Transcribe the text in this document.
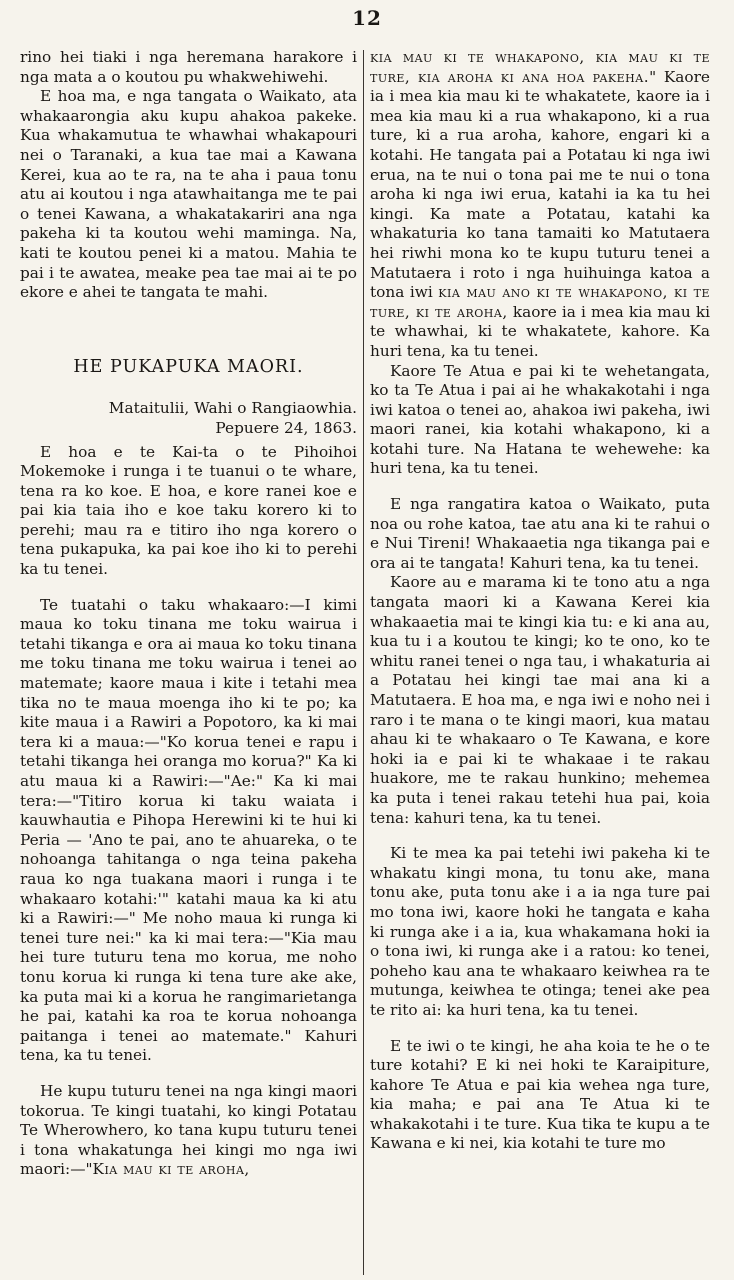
12

rino hei tiaki i nga heremana harakore i nga mata a o koutou pu whakwehiwehi.

E hoa ma, e nga tangata o Waikato, ata whakaarongia aku kupu ahakoa pakeke. Kua whakamutua te whawhai whakapouri nei o Taranaki, a kua tae mai a Kawana Kerei, kua ao te ra, na te aha i paua tonu atu ai koutou i nga atawhaitanga me te pai o tenei Kawana, a whakatakariri ana nga pakeha ki ta koutou wehi maminga. Na, kati te koutou penei ki a matou. Mahia te pai i te awatea, meake pea tae mai ai te po ekore e ahei te tangata te mahi.

HE PUKAPUKA MAORI.
Mataitulii, Wahi o Rangiaowhia.
Pepuere 24, 1863.

E hoa e te Kai-ta o te Pihoihoi Mokemoke i runga i te tuanui o te whare, tena ra ko koe. E hoa, e kore ranei koe e pai kia taia iho e koe taku korero ki to perehi; mau ra e titiro iho nga korero o tena pukapuka, ka pai koe iho ki to perehi ka tu tenei.

Te tuatahi o taku whakaaro:—I kimi maua ko toku tinana me toku wairua i tetahi tikanga e ora ai maua ko toku tinana me toku tinana me toku wairua i tenei ao matemate; kaore maua i kite i tetahi mea tika no te maua moenga iho ki te po; ka kite maua i a Rawiri a Popotoro, ka ki mai tera ki a maua:—"Ko korua tenei e rapu i tetahi tikanga hei oranga mo korua?" Ka ki atu maua ki a Rawiri:—"Ae:" Ka ki mai tera:—"Titiro korua ki taku waiata i kauwhautia e Pihopa Herewini ki te hui ki Peria — 'Ano te pai, ano te ahuareka, o te nohoanga tahitanga o nga teina pakeha raua ko nga tuakana maori i runga i te whakaaro kotahi:'" katahi maua ka ki atu ki a Rawiri:—" Me noho maua ki runga ki tenei ture nei:" ka ki mai tera:—"Kia mau hei ture tuturu tena mo korua, me noho tonu korua ki runga ki tena ture ake ake, ka puta mai ki a korua he rangimarietanga he pai, katahi ka roa te korua nohoanga paitanga i tenei ao matemate." Kahuri tena, ka tu tenei.

He kupu tuturu tenei na nga kingi maori tokorua. Te kingi tuatahi, ko kingi Potatau Te Wherowhero, ko tana kupu tuturu tenei i tona whakatunga hei kingi mo nga iwi maori:—"Kia mau ki te aroha,

kia mau ki te whakapono, kia mau ki te ture, kia aroha ki ana hoa pakeha." Kaore ia i mea kia mau ki te whakatete, kaore ia i mea kia mau ki a rua whakapono, ki a rua ture, ki a rua aroha, kahore, engari ki a kotahi. He tangata pai a Potatau ki nga iwi erua, na te nui o tona pai me te nui o tona aroha ki nga iwi erua, katahi ia ka tu hei kingi. Ka mate a Potatau, katahi ka whakaturia ko tana tamaiti ko Matutaera hei riwhi mona ko te kupu tuturu tenei a Matutaera i roto i nga huihuinga katoa a tona iwi kia mau ano ki te whakapono, ki te ture, ki te aroha, kaore ia i mea kia mau ki te whawhai, ki te whakatete, kahore. Ka huri tena, ka tu tenei.

Kaore Te Atua e pai ki te wehetangata, ko ta Te Atua i pai ai he whakakotahi i nga iwi katoa o tenei ao, ahakoa iwi pakeha, iwi maori ranei, kia kotahi whakapono, ki a kotahi ture. Na Hatana te wehewehe: ka huri tena, ka tu tenei.

E nga rangatira katoa o Waikato, puta noa ou rohe katoa, tae atu ana ki te rahui o e Nui Tireni! Whakaaetia nga tikanga pai e ora ai te tangata! Kahuri tena, ka tu tenei.

Kaore au e marama ki te tono atu a nga tangata maori ki a Kawana Kerei kia whakaaetia mai te kingi kia tu: e ki ana au, kua tu i a koutou te kingi; ko te ono, ko te whitu ranei tenei o nga tau, i whakaturia ai a Potatau hei kingi tae mai ana ki a Matutaera. E hoa ma, e nga iwi e noho nei i raro i te mana o te kingi maori, kua matau ahau ki te whakaaro o Te Kawana, e kore hoki ia e pai ki te whakaae i te rakau huakore, me te rakau hunkino; mehemea ka puta i tenei rakau tetehi hua pai, koia tena: kahuri tena, ka tu tenei.

Ki te mea ka pai tetehi iwi pakeha ki te whakatu kingi mona, tu tonu ake, mana tonu ake, puta tonu ake i a ia nga ture pai mo tona iwi, kaore hoki he tangata e kaha ki runga ake i a ia, kua whakamana hoki ia o tona iwi, ki runga ake i a ratou: ko tenei, poheho kau ana te whakaaro keiwhea ra te mutunga, keiwhea te otinga; tenei ake pea te rito ai: ka huri tena, ka tu tenei.

E te iwi o te kingi, he aha koia te he o te ture kotahi? E ki nei hoki te Karaipiture, kahore Te Atua e pai kia wehea nga ture, kia maha; e pai ana Te Atua ki te whakakotahi i te ture. Kua tika te kupu a te Kawana e ki nei, kia kotahi te ture mo
